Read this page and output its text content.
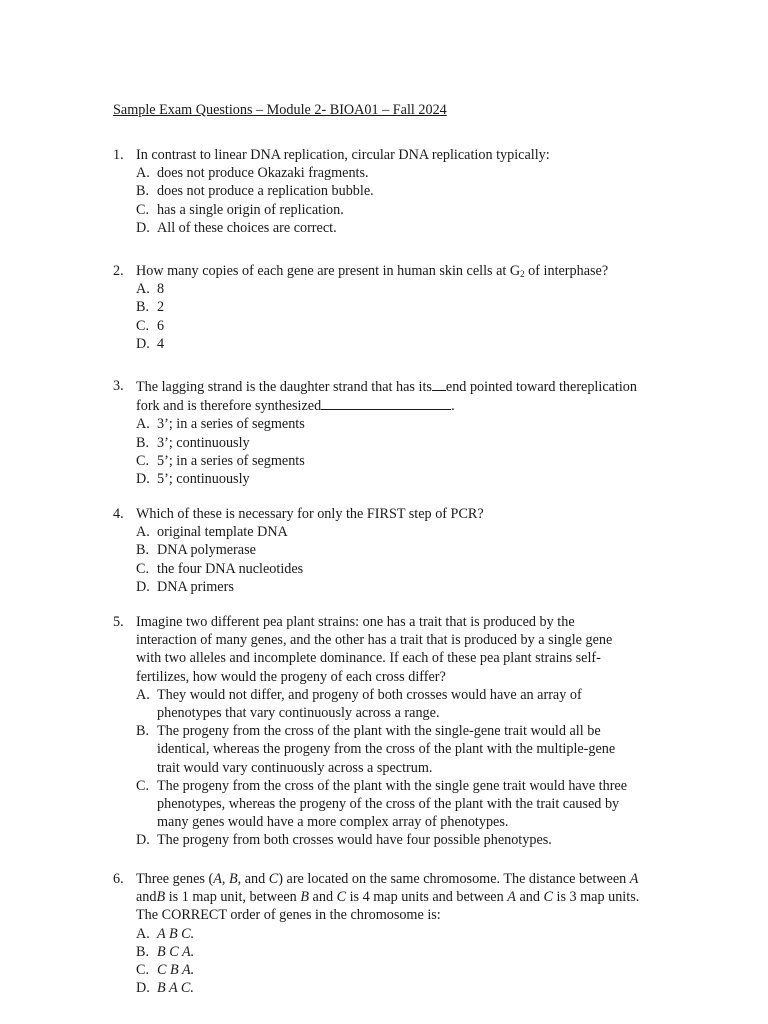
Sample Exam Questions – Module 2- BIOA01 – Fall 2024
1. In contrast to linear DNA replication, circular DNA replication typically:
A. does not produce Okazaki fragments.
B. does not produce a replication bubble.
C. has a single origin of replication.
D. All of these choices are correct.
2. How many copies of each gene are present in human skin cells at $G_2$ of interphase?
A. 8
B. 2
C. 6
D. 4
3. The lagging strand is the daughter strand that has its end pointed toward thereplication fork and is therefore synthesized	.
A. 3’; in a series of segments
B. 3’; continuously
C. 5’; in a series of segments
D. 5’; continuously
4. Which of these is necessary for only the FIRST step of PCR?
A. original template DNA
B. DNA polymerase
C. the four DNA nucleotides
D. DNA primers
5. Imagine two different pea plant strains: one has a trait that is produced by the interaction of many genes, and the other has a trait that is produced by a single gene with two alleles and incomplete dominance. If each of these pea plant strains self-fertilizes, how would the progeny of each cross differ?
A. They would not differ, and progeny of both crosses would have an array of phenotypes that vary continuously across a range.
B. The progeny from the cross of the plant with the single-gene trait would all be identical, whereas the progeny from the cross of the plant with the multiple-gene trait would vary continuously across a spectrum.
C. The progeny from the cross of the plant with the single gene trait would have three phenotypes, whereas the progeny of the cross of the plant with the trait caused by many genes would have a more complex array of phenotypes.
D. The progeny from both crosses would have four possible phenotypes.
6. Three genes (A, B, and C) are located on the same chromosome. The distance between A andB is 1 map unit, between B and C is 4 map units and between A and C is 3 map units. The CORRECT order of genes in the chromosome is:
A. A B C.
B. B C A.
C. C B A.
D. B A C.
